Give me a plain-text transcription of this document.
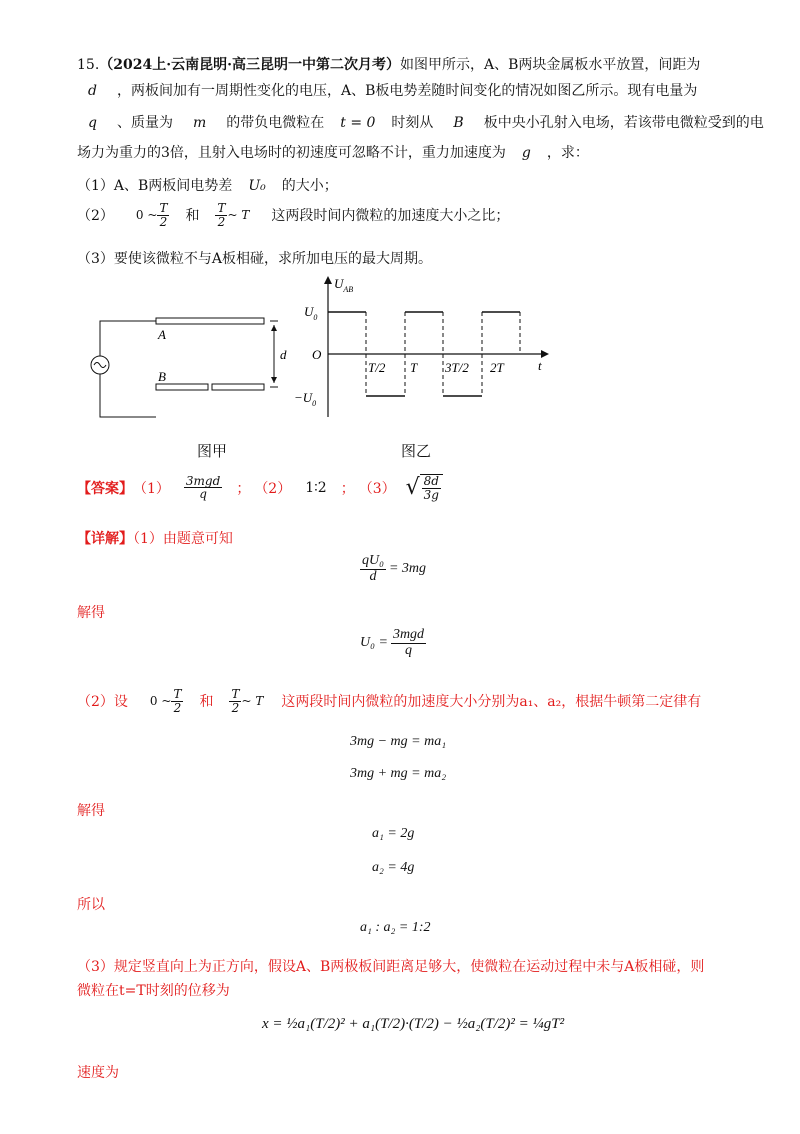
15.（2024上·云南昆明·高三昆明一中第二次月考）如图甲所示，A、B两块金属板水平放置，间距为
d ，两板间加有一周期性变化的电压，A、B板电势差随时间变化的情况如图乙所示。现有电量为
q 、质量为 m 的带负电微粒在 t = 0 时刻从 B 板中央小孔射入电场，若该带电微粒受到的电
场力为重力的3倍，且射入电场时的初速度可忽略不计，重力加速度为 g ，求：
（1）A、B两板间电势差 U₀ 的大小；
（2） 0 ~ $\frac{T}{2}$ 和 $\frac{T}{2}$ ~ T 这两段时间内微粒的加速度大小之比；
（3）要使该微粒不与A板相碰，求所加电压的最大周期。
A
B
d
$U_{AB}$
$U_0$
O
$-U_0$
T/2 T 3T/2 2T	t
图甲	图乙
【答案】 $(1) \frac{\text{3mgd}}{q}$ ； （2） 1∶2 ； （3） √ $\frac{8d}{3g}$
【详解】（1）由题意可知
$\frac{\text{qU₀}}{d} = 3mg$
解得
$U_0 = \frac{\text{3mgd}}{q}$
（2）设 0 ~ $\frac{T}{2}$ 和 $\frac{T}{2}$ ~ T 这两段时间内微粒的加速度大小分别为a₁、a₂，根据牛顿第二定律有
3mg − mg = ma₁
3mg + mg = ma₂
解得
a₁ = 2g
a₂ = 4g
所以
a₁ : a₂ = 1:2
（3）规定竖直向上为正方向，假设A、B两极板间距离足够大，使微粒在运动过程中未与A板相碰，则
微粒在t=T时刻的位移为
x = ½a₁(T/2)² + a₁(T/2)·(T/2) − ½a₂(T/2)² = ¼gT²
速度为
